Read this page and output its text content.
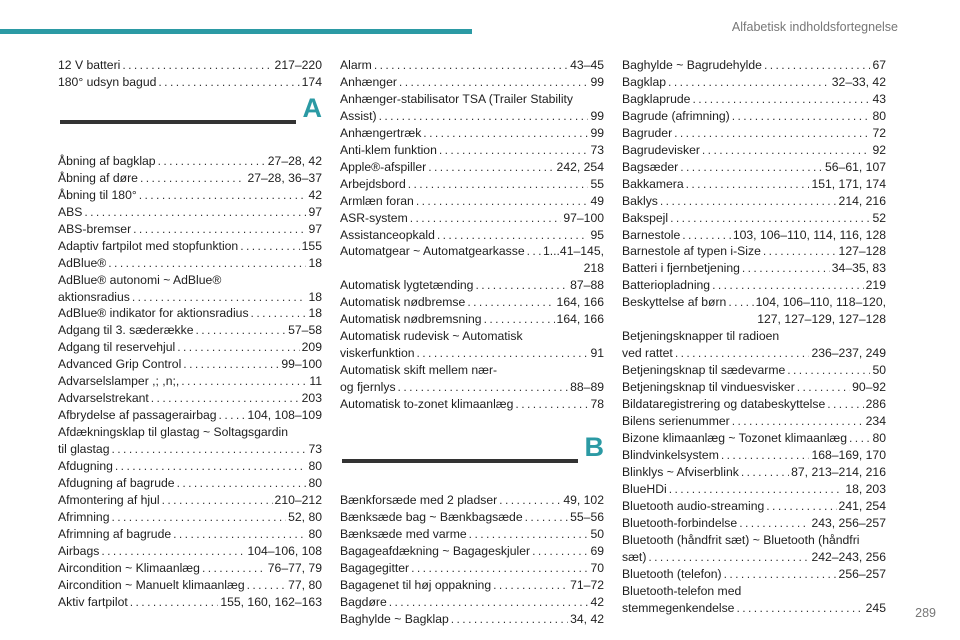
Alfabetisk indholdsfortegnelse
12 V batteri . . .	217–220
180° udsyn bagud . . .	174
A
Åbning af bagklap . . .	27–28, 42
Åbning af døre . . .	27–28, 36–37
Åbning til 180° . . .	42
ABS . . .	97
ABS-bremser . . .	97
Adaptiv fartpilot med stopfunktion . . .	155
AdBlue® . . .	18
AdBlue® autonomi ~ AdBlue®
aktionsradius . . .	18
AdBlue® indikator for aktionsradius . . .	18
Adgang til 3. sæderække . . .	57–58
Adgang til reservehjul . . .	209
Advanced Grip Control . . .	99–100
Advarselslamper ,; ,n;, . . .	11
Advarselstrekant . . .	203
Afbrydelse af passagerairbag . . .	104, 108–109
Afdækningsklap til glastag ~ Soltagsgardin
til glastag . . .	73
Afdugning . . .	80
Afdugning af bagrude . . .	80
Afmontering af hjul . . .	210–212
Afrimning . . .	52, 80
Afrimning af bagrude . . .	80
Airbags . . .	104–106, 108
Aircondition ~ Klimaanlæg . . .	76–77, 79
Aircondition ~ Manuelt klimaanlæg . . .	77, 80
Aktiv fartpilot . . .	155, 160, 162–163
Alarm . . .	43–45
Anhænger . . .	99
Anhænger-stabilisator TSA (Trailer Stability
Assist) . . .	99
Anhængertræk . . .	99
Anti-klem funktion . . .	73
Apple®-afspiller . . .	242, 254
Arbejdsbord . . .	55
Armlæn foran . . .	49
ASR-system . . .	97–100
Assistanceopkald . . .	95
Automatgear ~ Automatgearkasse . . . 1...41–145,
218
Automatisk lygtetænding . . .	87–88
Automatisk nødbremse . . .	164, 166
Automatisk nødbremsning . . .	164, 166
Automatisk rudevisk ~ Automatisk
viskerfunktion . . .	91
Automatisk skift mellem nær-
og fjernlys . . .	88–89
Automatisk to-zonet klimaanlæg . . .	78
B
Bænkforsæde med 2 pladser . . .	49, 102
Bænksæde bag ~ Bænkbagsæde . . .	55–56
Bænksæde med varme . . .	50
Bagageafdækning ~ Bagageskjuler . . .	69
Bagagegitter . . .	70
Bagagenet til høj oppakning . . .	71–72
Bagdøre . . .	42
Baghylde ~ Bagklap . . .	34, 42
Baghylde ~ Bagrudehylde . . .	67
Bagklap . . .	32–33, 42
Bagklaprude . . .	43
Bagrude (afrimning) . . .	80
Bagruder . . .	72
Bagrudevisker . . .	92
Bagsæder . . .	56–61, 107
Bakkamera . . .	151, 171, 174
Baklys . . .	214, 216
Bakspejl . . .	52
Barnestole . . .	103, 106–110, 114, 116, 128
Barnestole af typen i-Size . . .	127–128
Batteri i fjernbetjening . . .	34–35, 83
Batteriopladning . . .	219
Beskyttelse af børn . . . 104, 106–110, 118–120,
127, 127–129, 127–128
Betjeningsknapper til radioen
ved rattet . . .	236–237, 249
Betjeningsknap til sædevarme . . .	50
Betjeningsknap til vinduesvisker . . .	90–92
Bildataregistrering og databeskyttelse . . .	286
Bilens serienummer . . .	234
Bizone klimaanlæg ~ Tozonet klimaanlæg . . . 80
Blindvinkelsystem . . .	168–169, 170
Blinklys ~ Afviserblink . . .	87, 213–214, 216
BlueHDi . . .	18, 203
Bluetooth audio-streaming . . .	241, 254
Bluetooth-forbindelse . . .	243, 256–257
Bluetooth (håndfrit sæt) ~ Bluetooth (håndfri
sæt) . . .	242–243, 256
Bluetooth (telefon) . . .	256–257
Bluetooth-telefon med
stemmegenkendelse . . .	245 289
